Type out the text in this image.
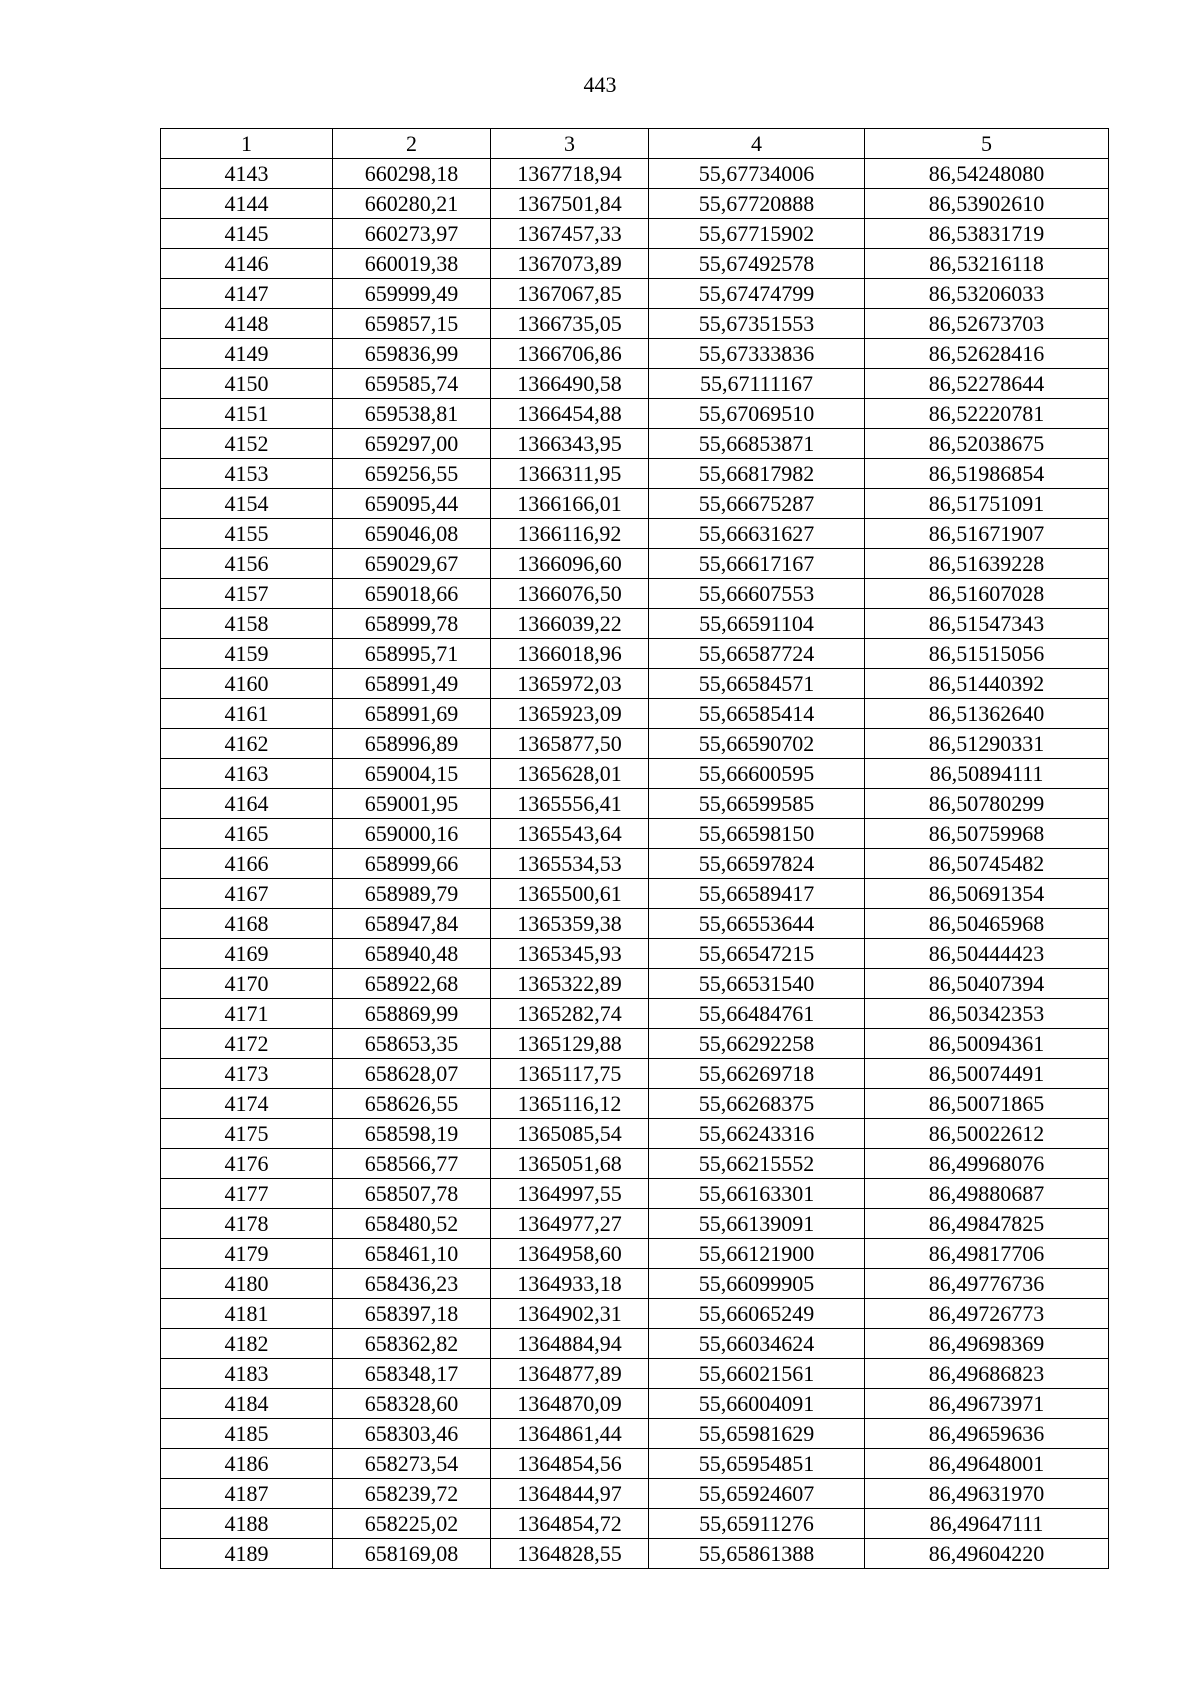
443
1	2	3	4	5
4143	660298,18	1367718,94	55,67734006	86,54248080
4144	660280,21	1367501,84	55,67720888	86,53902610
4145	660273,97	1367457,33	55,67715902	86,53831719
4146	660019,38	1367073,89	55,67492578	86,53216118
4147	659999,49	1367067,85	55,67474799	86,53206033
4148	659857,15	1366735,05	55,67351553	86,52673703
4149	659836,99	1366706,86	55,67333836	86,52628416
4150	659585,74	1366490,58	55,67111167	86,52278644
4151	659538,81	1366454,88	55,67069510	86,52220781
4152	659297,00	1366343,95	55,66853871	86,52038675
4153	659256,55	1366311,95	55,66817982	86,51986854
4154	659095,44	1366166,01	55,66675287	86,51751091
4155	659046,08	1366116,92	55,66631627	86,51671907
4156	659029,67	1366096,60	55,66617167	86,51639228
4157	659018,66	1366076,50	55,66607553	86,51607028
4158	658999,78	1366039,22	55,66591104	86,51547343
4159	658995,71	1366018,96	55,66587724	86,51515056
4160	658991,49	1365972,03	55,66584571	86,51440392
4161	658991,69	1365923,09	55,66585414	86,51362640
4162	658996,89	1365877,50	55,66590702	86,51290331
4163	659004,15	1365628,01	55,66600595	86,50894111
4164	659001,95	1365556,41	55,66599585	86,50780299
4165	659000,16	1365543,64	55,66598150	86,50759968
4166	658999,66	1365534,53	55,66597824	86,50745482
4167	658989,79	1365500,61	55,66589417	86,50691354
4168	658947,84	1365359,38	55,66553644	86,50465968
4169	658940,48	1365345,93	55,66547215	86,50444423
4170	658922,68	1365322,89	55,66531540	86,50407394
4171	658869,99	1365282,74	55,66484761	86,50342353
4172	658653,35	1365129,88	55,66292258	86,50094361
4173	658628,07	1365117,75	55,66269718	86,50074491
4174	658626,55	1365116,12	55,66268375	86,50071865
4175	658598,19	1365085,54	55,66243316	86,50022612
4176	658566,77	1365051,68	55,66215552	86,49968076
4177	658507,78	1364997,55	55,66163301	86,49880687
4178	658480,52	1364977,27	55,66139091	86,49847825
4179	658461,10	1364958,60	55,66121900	86,49817706
4180	658436,23	1364933,18	55,66099905	86,49776736
4181	658397,18	1364902,31	55,66065249	86,49726773
4182	658362,82	1364884,94	55,66034624	86,49698369
4183	658348,17	1364877,89	55,66021561	86,49686823
4184	658328,60	1364870,09	55,66004091	86,49673971
4185	658303,46	1364861,44	55,65981629	86,49659636
4186	658273,54	1364854,56	55,65954851	86,49648001
4187	658239,72	1364844,97	55,65924607	86,49631970
4188	658225,02	1364854,72	55,65911276	86,49647111
4189	658169,08	1364828,55	55,65861388	86,49604220
